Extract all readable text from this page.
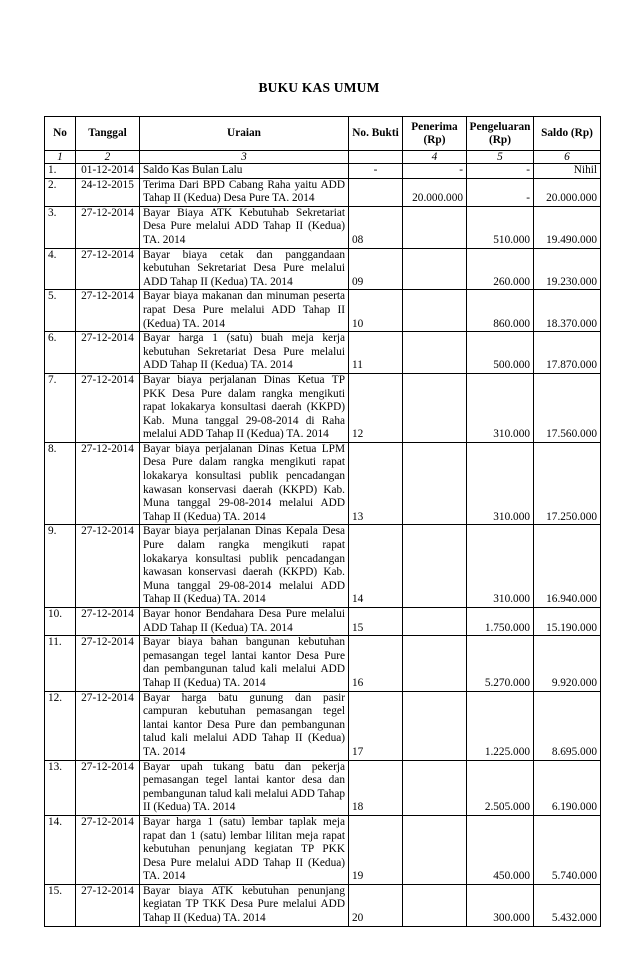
BUKU KAS UMUM
No	Tanggal	Uraian	No. Bukti	Penerima (Rp)	Pengeluaran (Rp)	Saldo (Rp)
1	2	3		4	5	6
1.	01-12-2014	Saldo Kas Bulan Lalu	-	-	-	Nihil
2.	24-12-2015	Terima Dari BPD Cabang Raha yaitu ADD Tahap II (Kedua) Desa Pure TA. 2014		20.000.000	-	20.000.000
3.	27-12-2014	Bayar Biaya ATK Kebutuhab Sekretariat Desa Pure melalui ADD Tahap II (Kedua) TA. 2014	08		510.000	19.490.000
4.	27-12-2014	Bayar biaya cetak dan panggandaan kebutuhan Sekretariat Desa Pure melalui ADD Tahap II (Kedua) TA. 2014	09		260.000	19.230.000
5.	27-12-2014	Bayar biaya makanan dan minuman peserta rapat Desa Pure melalui ADD Tahap II (Kedua) TA. 2014	10		860.000	18.370.000
6.	27-12-2014	Bayar harga 1 (satu) buah meja kerja kebutuhan Sekretariat Desa Pure melalui ADD Tahap II (Kedua) TA. 2014	11		500.000	17.870.000
7.	27-12-2014	Bayar biaya perjalanan Dinas Ketua TP PKK Desa Pure dalam rangka mengikuti rapat lokakarya konsultasi daerah (KKPD) Kab. Muna tanggal 29-08-2014 di Raha melalui ADD Tahap II (Kedua) TA. 2014	12		310.000	17.560.000
8.	27-12-2014	Bayar biaya perjalanan Dinas Ketua LPM Desa Pure dalam rangka mengikuti rapat lokakarya konsultasi publik pencadangan kawasan konservasi daerah (KKPD) Kab. Muna tanggal 29-08-2014 melalui ADD Tahap II (Kedua) TA. 2014	13		310.000	17.250.000
9.	27-12-2014	Bayar biaya perjalanan Dinas Kepala Desa Pure dalam rangka mengikuti rapat lokakarya konsultasi publik pencadangan kawasan konservasi daerah (KKPD) Kab. Muna tanggal 29-08-2014 melalui ADD Tahap II (Kedua) TA. 2014	14		310.000	16.940.000
10.	27-12-2014	Bayar honor Bendahara Desa Pure melalui ADD Tahap II (Kedua) TA. 2014	15		1.750.000	15.190.000
11.	27-12-2014	Bayar biaya bahan bangunan kebutuhan pemasangan tegel lantai kantor Desa Pure dan pembangunan talud kali melalui ADD Tahap II (Kedua) TA. 2014	16		5.270.000	9.920.000
12.	27-12-2014	Bayar harga batu gunung dan pasir campuran kebutuhan pemasangan tegel lantai kantor Desa Pure dan pembangunan talud kali melalui ADD Tahap II (Kedua) TA. 2014	17		1.225.000	8.695.000
13.	27-12-2014	Bayar upah tukang batu dan pekerja pemasangan tegel lantai kantor desa dan pembangunan talud kali melalui ADD Tahap II (Kedua) TA. 2014	18		2.505.000	6.190.000
14.	27-12-2014	Bayar harga 1 (satu) lembar taplak meja rapat dan 1 (satu) lembar lilitan meja rapat kebutuhan penunjang kegiatan TP PKK Desa Pure melalui ADD Tahap II (Kedua) TA. 2014	19		450.000	5.740.000
15.	27-12-2014	Bayar biaya ATK kebutuhan penunjang kegiatan TP TKK Desa Pure melalui ADD Tahap II (Kedua) TA. 2014	20		300.000	5.432.000
